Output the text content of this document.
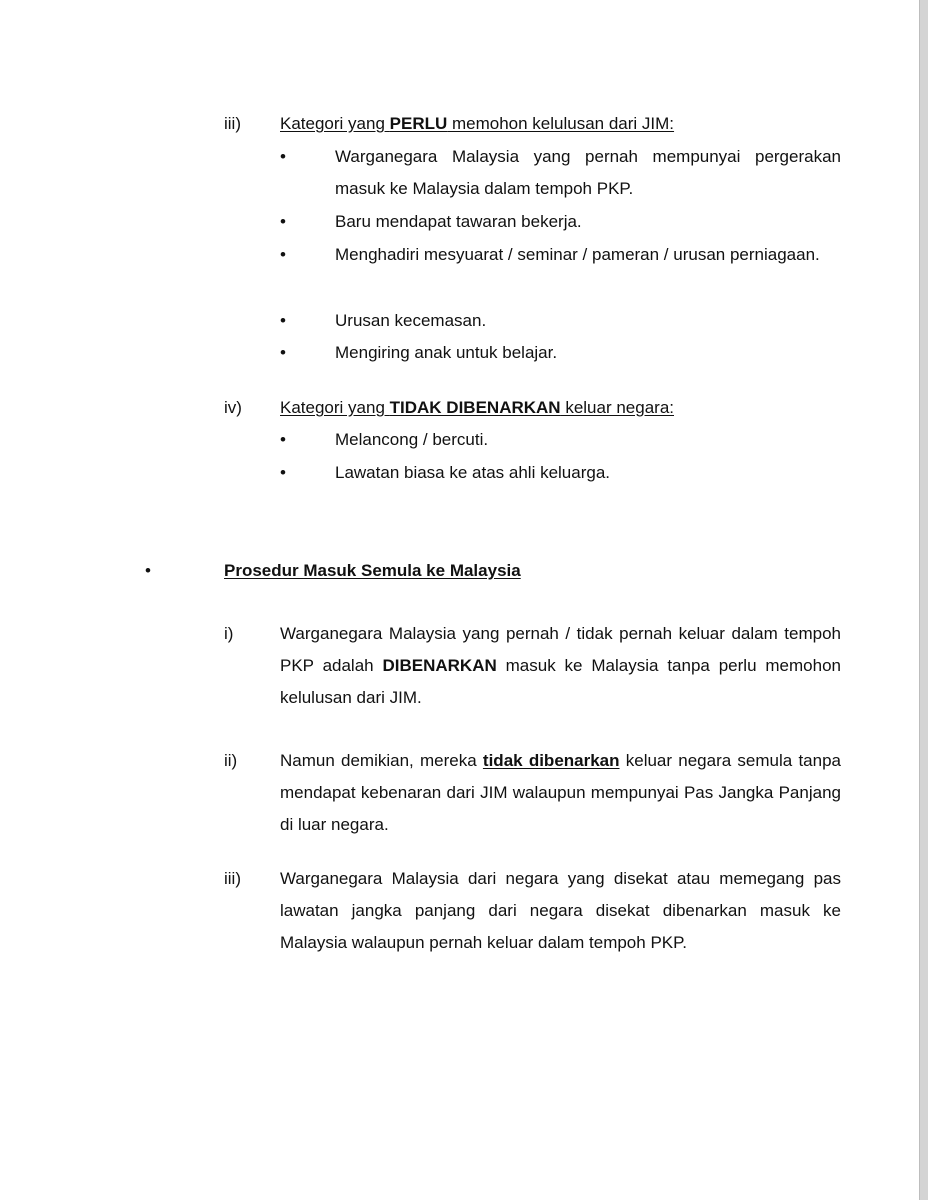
iii) Kategori yang PERLU memohon kelulusan dari JIM:
•	Warganegara Malaysia yang pernah mempunyai pergerakan masuk ke Malaysia dalam tempoh PKP.
•	Baru mendapat tawaran bekerja.
•	Menghadiri mesyuarat / seminar / pameran / urusan perniagaan.
•	Urusan kecemasan.
•	Mengiring anak untuk belajar.
iv) Kategori yang TIDAK DIBENARKAN keluar negara:
•	Melancong / bercuti.
•	Lawatan biasa ke atas ahli keluarga.
•	Prosedur Masuk Semula ke Malaysia
i)	Warganegara Malaysia yang pernah / tidak pernah keluar dalam tempoh PKP adalah DIBENARKAN masuk ke Malaysia tanpa perlu memohon kelulusan dari JIM.
ii)	Namun demikian, mereka tidak dibenarkan keluar negara semula tanpa mendapat kebenaran dari JIM walaupun mempunyai Pas Jangka Panjang di luar negara.
iii) Warganegara Malaysia dari negara yang disekat atau memegang pas lawatan jangka panjang dari negara disekat dibenarkan masuk ke Malaysia walaupun pernah keluar dalam tempoh PKP.
